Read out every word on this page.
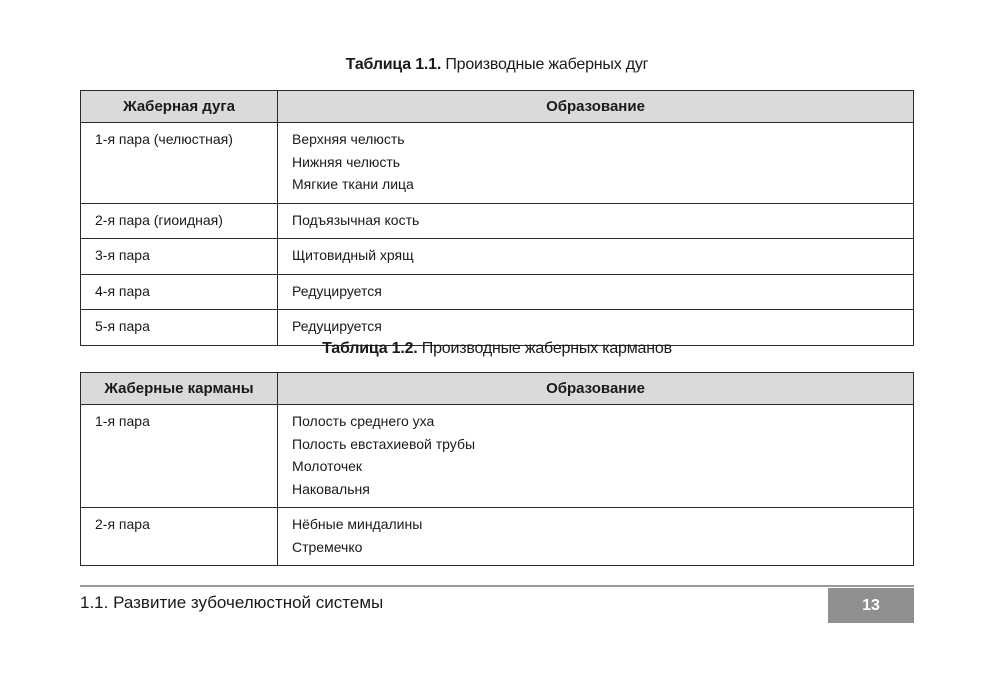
Таблица 1.1. Производные жаберных дуг
Жаберная дуга	Образование
1-я пара (челюстная)	Верхняя челюсть
Нижняя челюсть
Мягкие ткани лица

2-я пара (гиоидная)	Подъязычная кость

3-я пара	Щитовидный хрящ

4-я пара	Редуцируется

5-я пара	Редуцируется
Таблица 1.2. Производные жаберных карманов
Жаберные карманы	Образование
1-я пара	Полость среднего уха
Полость евстахиевой трубы
Молоточек
Наковальня

2-я пара	Нёбные миндалины
Стремечко
1.1. Развитие зубочелюстной системы	13
